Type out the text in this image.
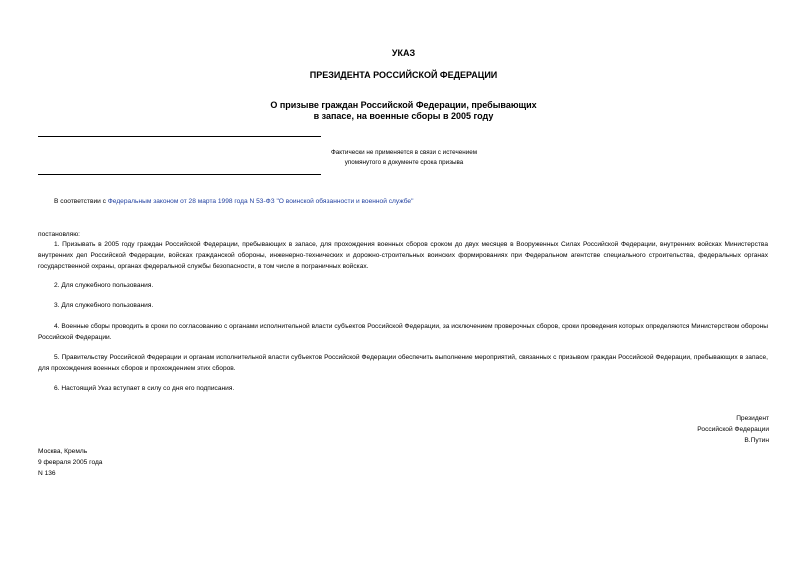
УКАЗ
ПРЕЗИДЕНТА РОССИЙСКОЙ ФЕДЕРАЦИИ
О призыве граждан Российской Федерации, пребывающих
в запасе, на военные сборы в 2005 году
Фактически не применяется в связи с истечением
упомянутого в документе срока призыва
В соответствии с Федеральным законом от 28 марта 1998 года N 53-ФЗ "О воинской обязанности и военной службе"
постановляю:
1. Призывать в 2005 году граждан Российской Федерации, пребывающих в запасе, для прохождения военных сборов сроком до двух месяцев в Вооруженных Силах Российской Федерации, внутренних войсках Министерства внутренних дел Российской Федерации, войсках гражданской обороны, инженерно-технических и дорожно-строительных воинских формированиях при Федеральном агентстве специального строительства, федеральных органах государственной охраны, органах федеральной службы безопасности, в том числе в пограничных войсках.
2. Для служебного пользования.
3. Для служебного пользования.
4. Военные сборы проводить в сроки по согласованию с органами исполнительной власти субъектов Российской Федерации, за исключением проверочных сборов, сроки проведения которых определяются Министерством обороны Российской Федерации.
5. Правительству Российской Федерации и органам исполнительной власти субъектов Российской Федерации обеспечить выполнение мероприятий, связанных с призывом граждан Российской Федерации, пребывающих в запасе, для прохождения военных сборов и прохождением этих сборов.
6. Настоящий Указ вступает в силу со дня его подписания.
Президент
Российской Федерации
В.Путин
Москва, Кремль
9 февраля 2005 года
N 136
